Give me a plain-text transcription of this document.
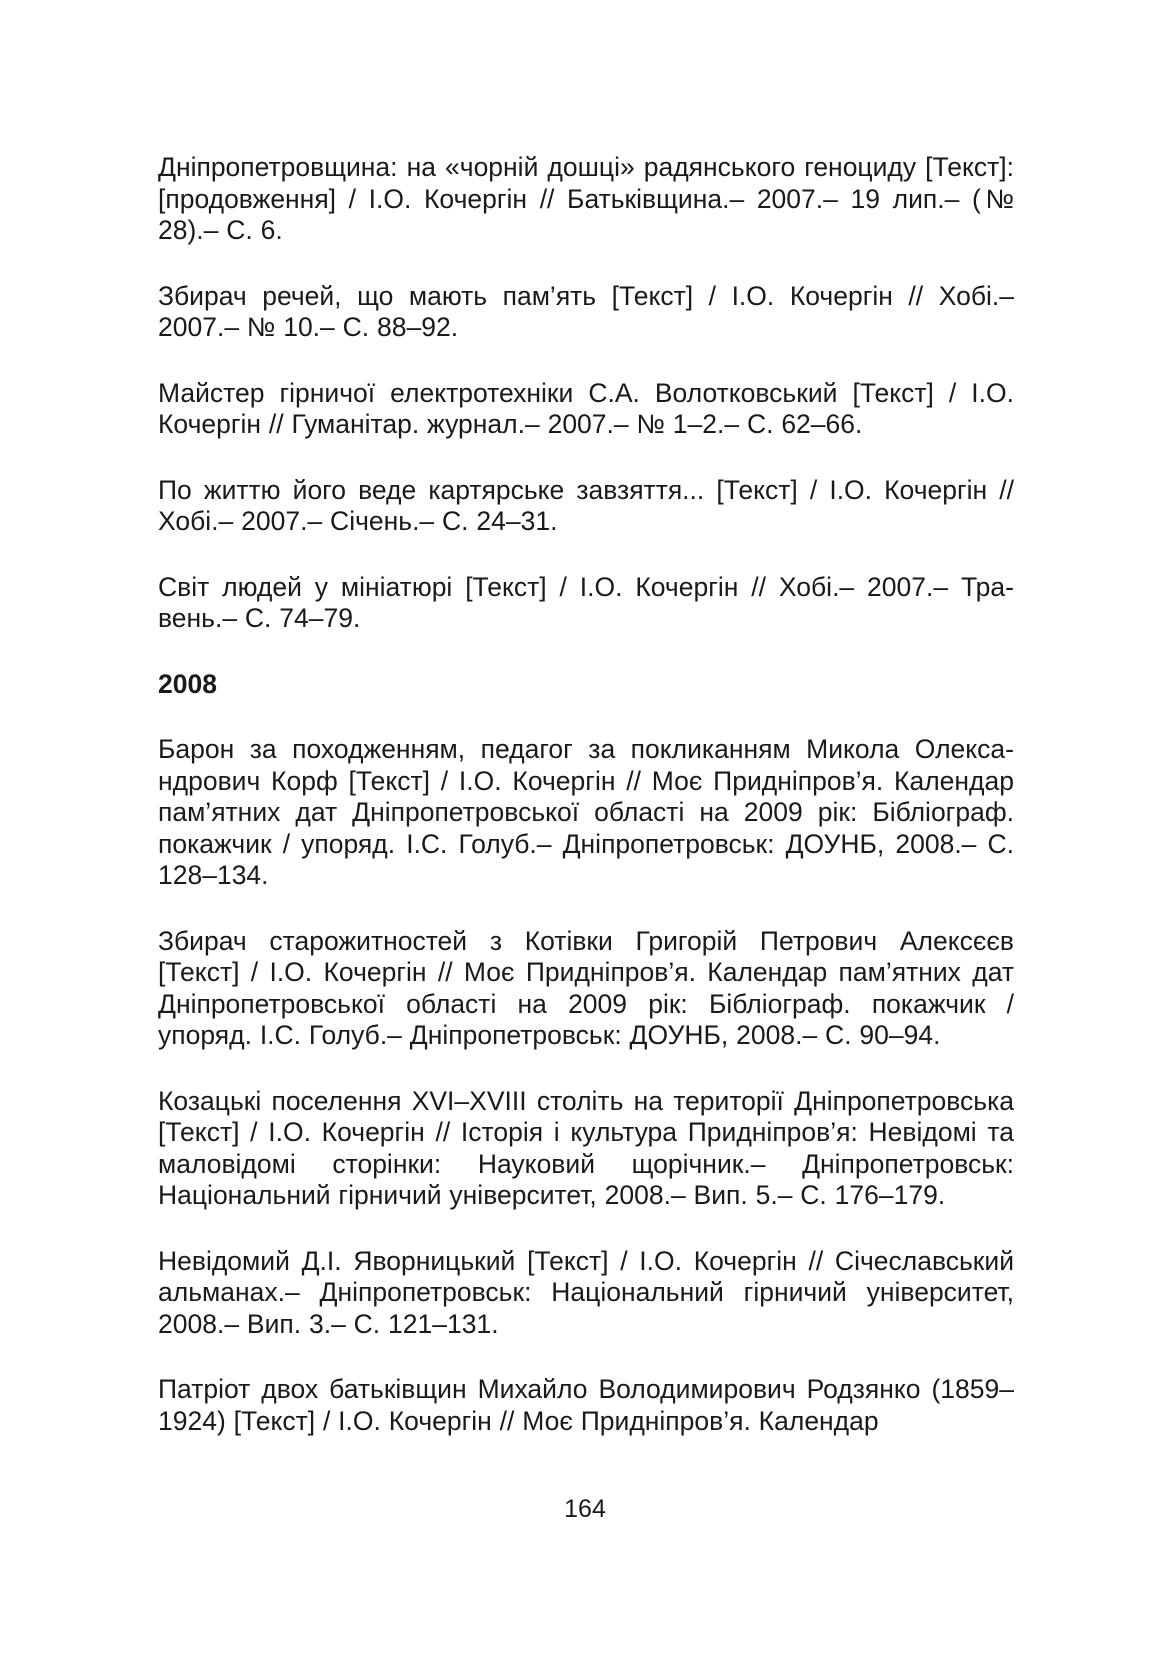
Дніпропетровщина: на «чорній дошці» радянського геноциду [Текст]: [продовження] / І.О. Кочергін // Батьківщина.– 2007.– 19 лип.– (№ 28).– С. 6.

Збирач речей, що мають пам’ять [Текст] / І.О. Кочергін // Хобі.– 2007.– № 10.– С. 88–92.

Майстер гірничої електротехніки С.А. Волотковський [Текст] / І.О. Кочергін // Гуманітар. журнал.– 2007.– № 1–2.– С. 62–66.

По життю його веде картярське завзяття... [Текст] / І.О. Кочергін // Хобі.– 2007.– Січень.– С. 24–31.

Світ людей у мініатюрі [Текст] / І.О. Кочергін // Хобі.– 2007.– Травень.– С. 74–79.

2008

Барон за походженням, педагог за покликанням Микола Олександрович Корф [Текст] / І.О. Кочергін // Моє Придніпров’я. Календар пам’ятних дат Дніпропетровської області на 2009 рік: Бібліограф. покажчик / упоряд. І.С. Голуб.– Дніпропетровськ: ДОУНБ, 2008.– С. 128–134.

Збирач старожитностей з Котівки Григорій Петрович Алексєєв [Текст] / І.О. Кочергін // Моє Придніпров’я. Календар пам’ятних дат Дніпропетровської області на 2009 рік: Бібліограф. покажчик / упоряд. І.С. Голуб.– Дніпропетровськ: ДОУНБ, 2008.– С. 90–94.

Козацькі поселення XVI–XVIII століть на території Дніпропетровська [Текст] / І.О. Кочергін // Історія і культура Придніпров’я: Невідомі та маловідомі сторінки: Науковий щорічник.– Дніпропетровськ: Національний гірничий університет, 2008.– Вип. 5.– С. 176–179.

Невідомий Д.І. Яворницький [Текст] / І.О. Кочергін // Січеславський альманах.– Дніпропетровськ: Національний гірничий університет, 2008.– Вип. 3.– С. 121–131.

Патріот двох батьківщин Михайло Володимирович Родзянко (1859–1924) [Текст] / І.О. Кочергін // Моє Придніпров’я. Календар

164
